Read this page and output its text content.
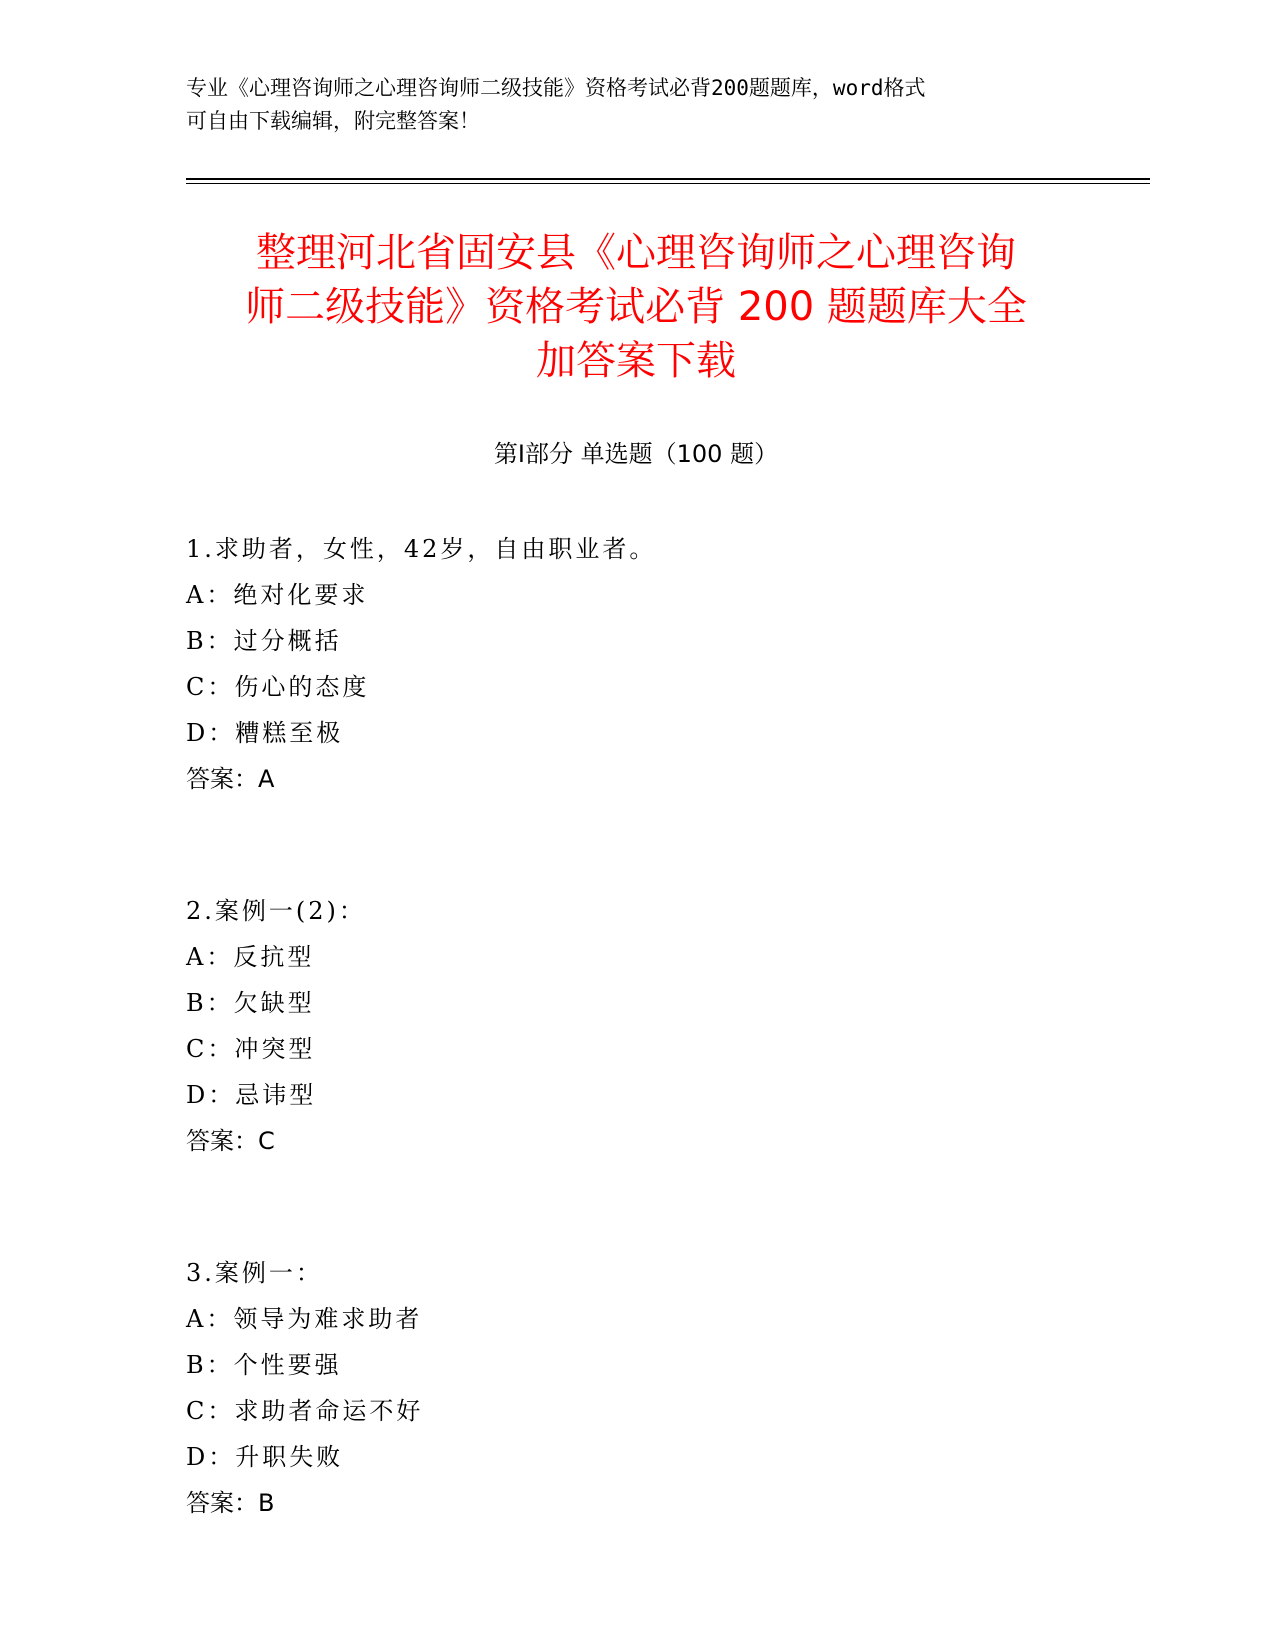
专业《心理咨询师之心理咨询师二级技能》资格考试必背200题题库，word格式
可自由下载编辑，附完整答案！
整理河北省固安县《心理咨询师之心理咨询
师二级技能》资格考试必背 200 题题库大全
加答案下载
第Ⅰ部分 单选题（100 题）
1.求助者，女性，42岁，自由职业者。
A：绝对化要求
B：过分概括
C：伤心的态度
D：糟糕至极
答案：A
2.案例一(2)：
A：反抗型
B：欠缺型
C：冲突型
D：忌讳型
答案：C
3.案例一：
A：领导为难求助者
B：个性要强
C：求助者命运不好
D：升职失败
答案：B
